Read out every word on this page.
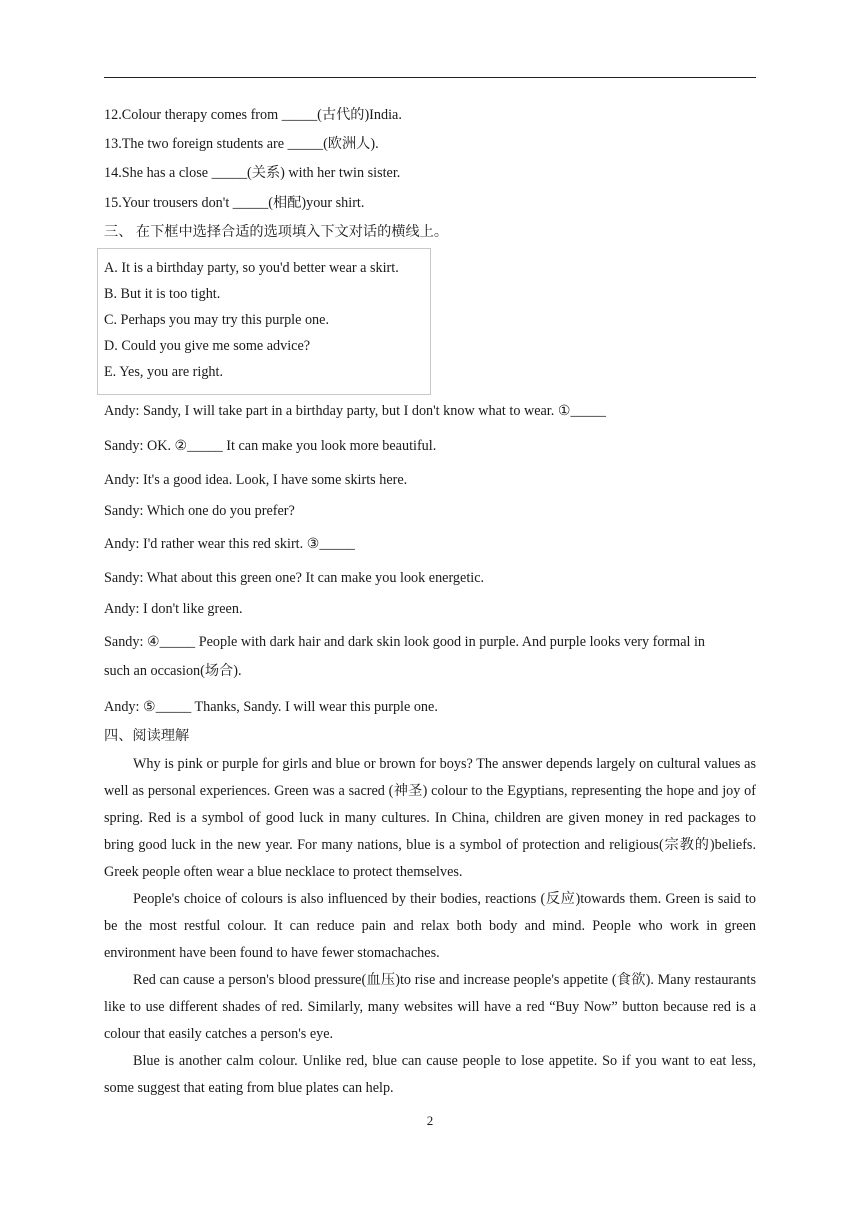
12.Colour therapy comes from _____(古代的)India.
13.The two foreign students are _____(欧洲人).
14.She has a close _____(关系) with her twin sister.
15.Your trousers don't _____(相配)your shirt.
三、 在下框中选择合适的选项填入下文对话的横线上。
A. It is a birthday party, so you'd better wear a skirt.
B. But it is too tight.
C. Perhaps you may try this purple one.
D. Could you give me some advice?
E. Yes, you are right.
Andy: Sandy, I will take part in a birthday party, but I don't know what to wear. ①_____
Sandy: OK. ②_____ It can make you look more beautiful.
Andy: It's a good idea. Look, I have some skirts here.
Sandy: Which one do you prefer?
Andy: I'd rather wear this red skirt. ③_____
Sandy: What about this green one? It can make you look energetic.
Andy: I don't like green.
Sandy: ④_____ People with dark hair and dark skin look good in purple. And purple looks very formal in
such an occasion(场合).
Andy: ⑤_____ Thanks, Sandy. I will wear this purple one.
四、阅读理解
Why is pink or purple for girls and blue or brown for boys? The answer depends largely on cultural values as well as personal experiences. Green was a sacred (神圣) colour to the Egyptians, representing the hope and joy of spring. Red is a symbol of good luck in many cultures. In China, children are given money in red packages to bring good luck in the new year. For many nations, blue is a symbol of protection and religious(宗教的)beliefs. Greek people often wear a blue necklace to protect themselves.
People's choice of colours is also influenced by their bodies, reactions (反应)towards them. Green is said to be the most restful colour. It can reduce pain and relax both body and mind. People who work in green environment have been found to have fewer stomachaches.
Red can cause a person's blood pressure(血压)to rise and increase people's appetite (食欲). Many restaurants like to use different shades of red. Similarly, many websites will have a red “Buy Now” button because red is a colour that easily catches a person's eye.
Blue is another calm colour. Unlike red, blue can cause people to lose appetite. So if you want to eat less, some suggest that eating from blue plates can help.
2
